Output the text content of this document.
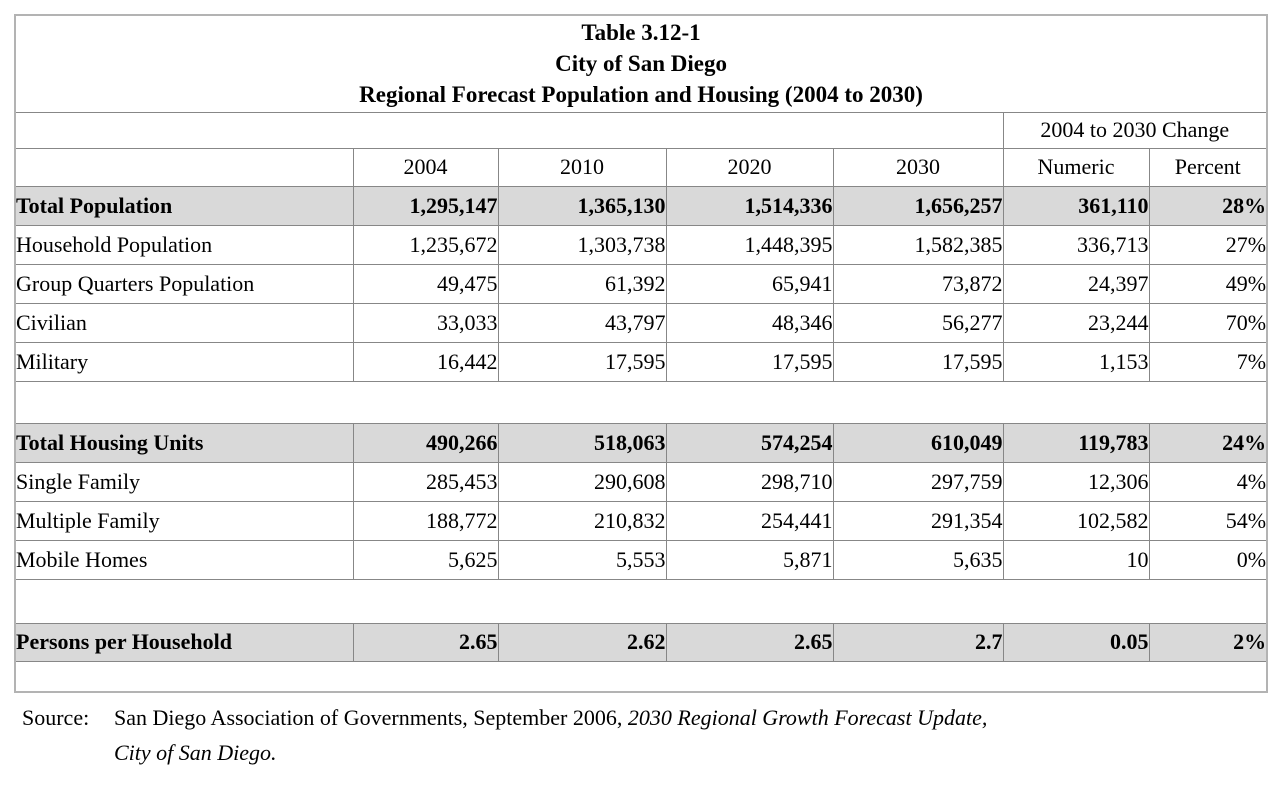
Table 3.12-1
City of San Diego
Regional Forecast Population and Housing (2004 to 2030)						

					2004 to 2030 Change	
	2004	2010	2020	2030	Numeric	Percent
Total Population	1,295,147	1,365,130	1,514,336	1,656,257	361,110	28%
Household Population	1,235,672	1,303,738	1,448,395	1,582,385	336,713	27%
Group Quarters Population	49,475	61,392	65,941	73,872	24,397	49%
Civilian	33,033	43,797	48,346	56,277	23,244	70%
Military	16,442	17,595	17,595	17,595	1,153	7%

Total Housing Units	490,266	518,063	574,254	610,049	119,783	24%
Single Family	285,453	290,608	298,710	297,759	12,306	4%
Multiple Family	188,772	210,832	254,441	291,354	102,582	54%
Mobile Homes	5,625	5,553	5,871	5,635	10	0%

Persons per Household	2.65	2.62	2.65	2.7	0.05	2%

Source:	San Diego Association of Governments, September 2006, 2030 Regional Growth Forecast Update,
City of San Diego.
